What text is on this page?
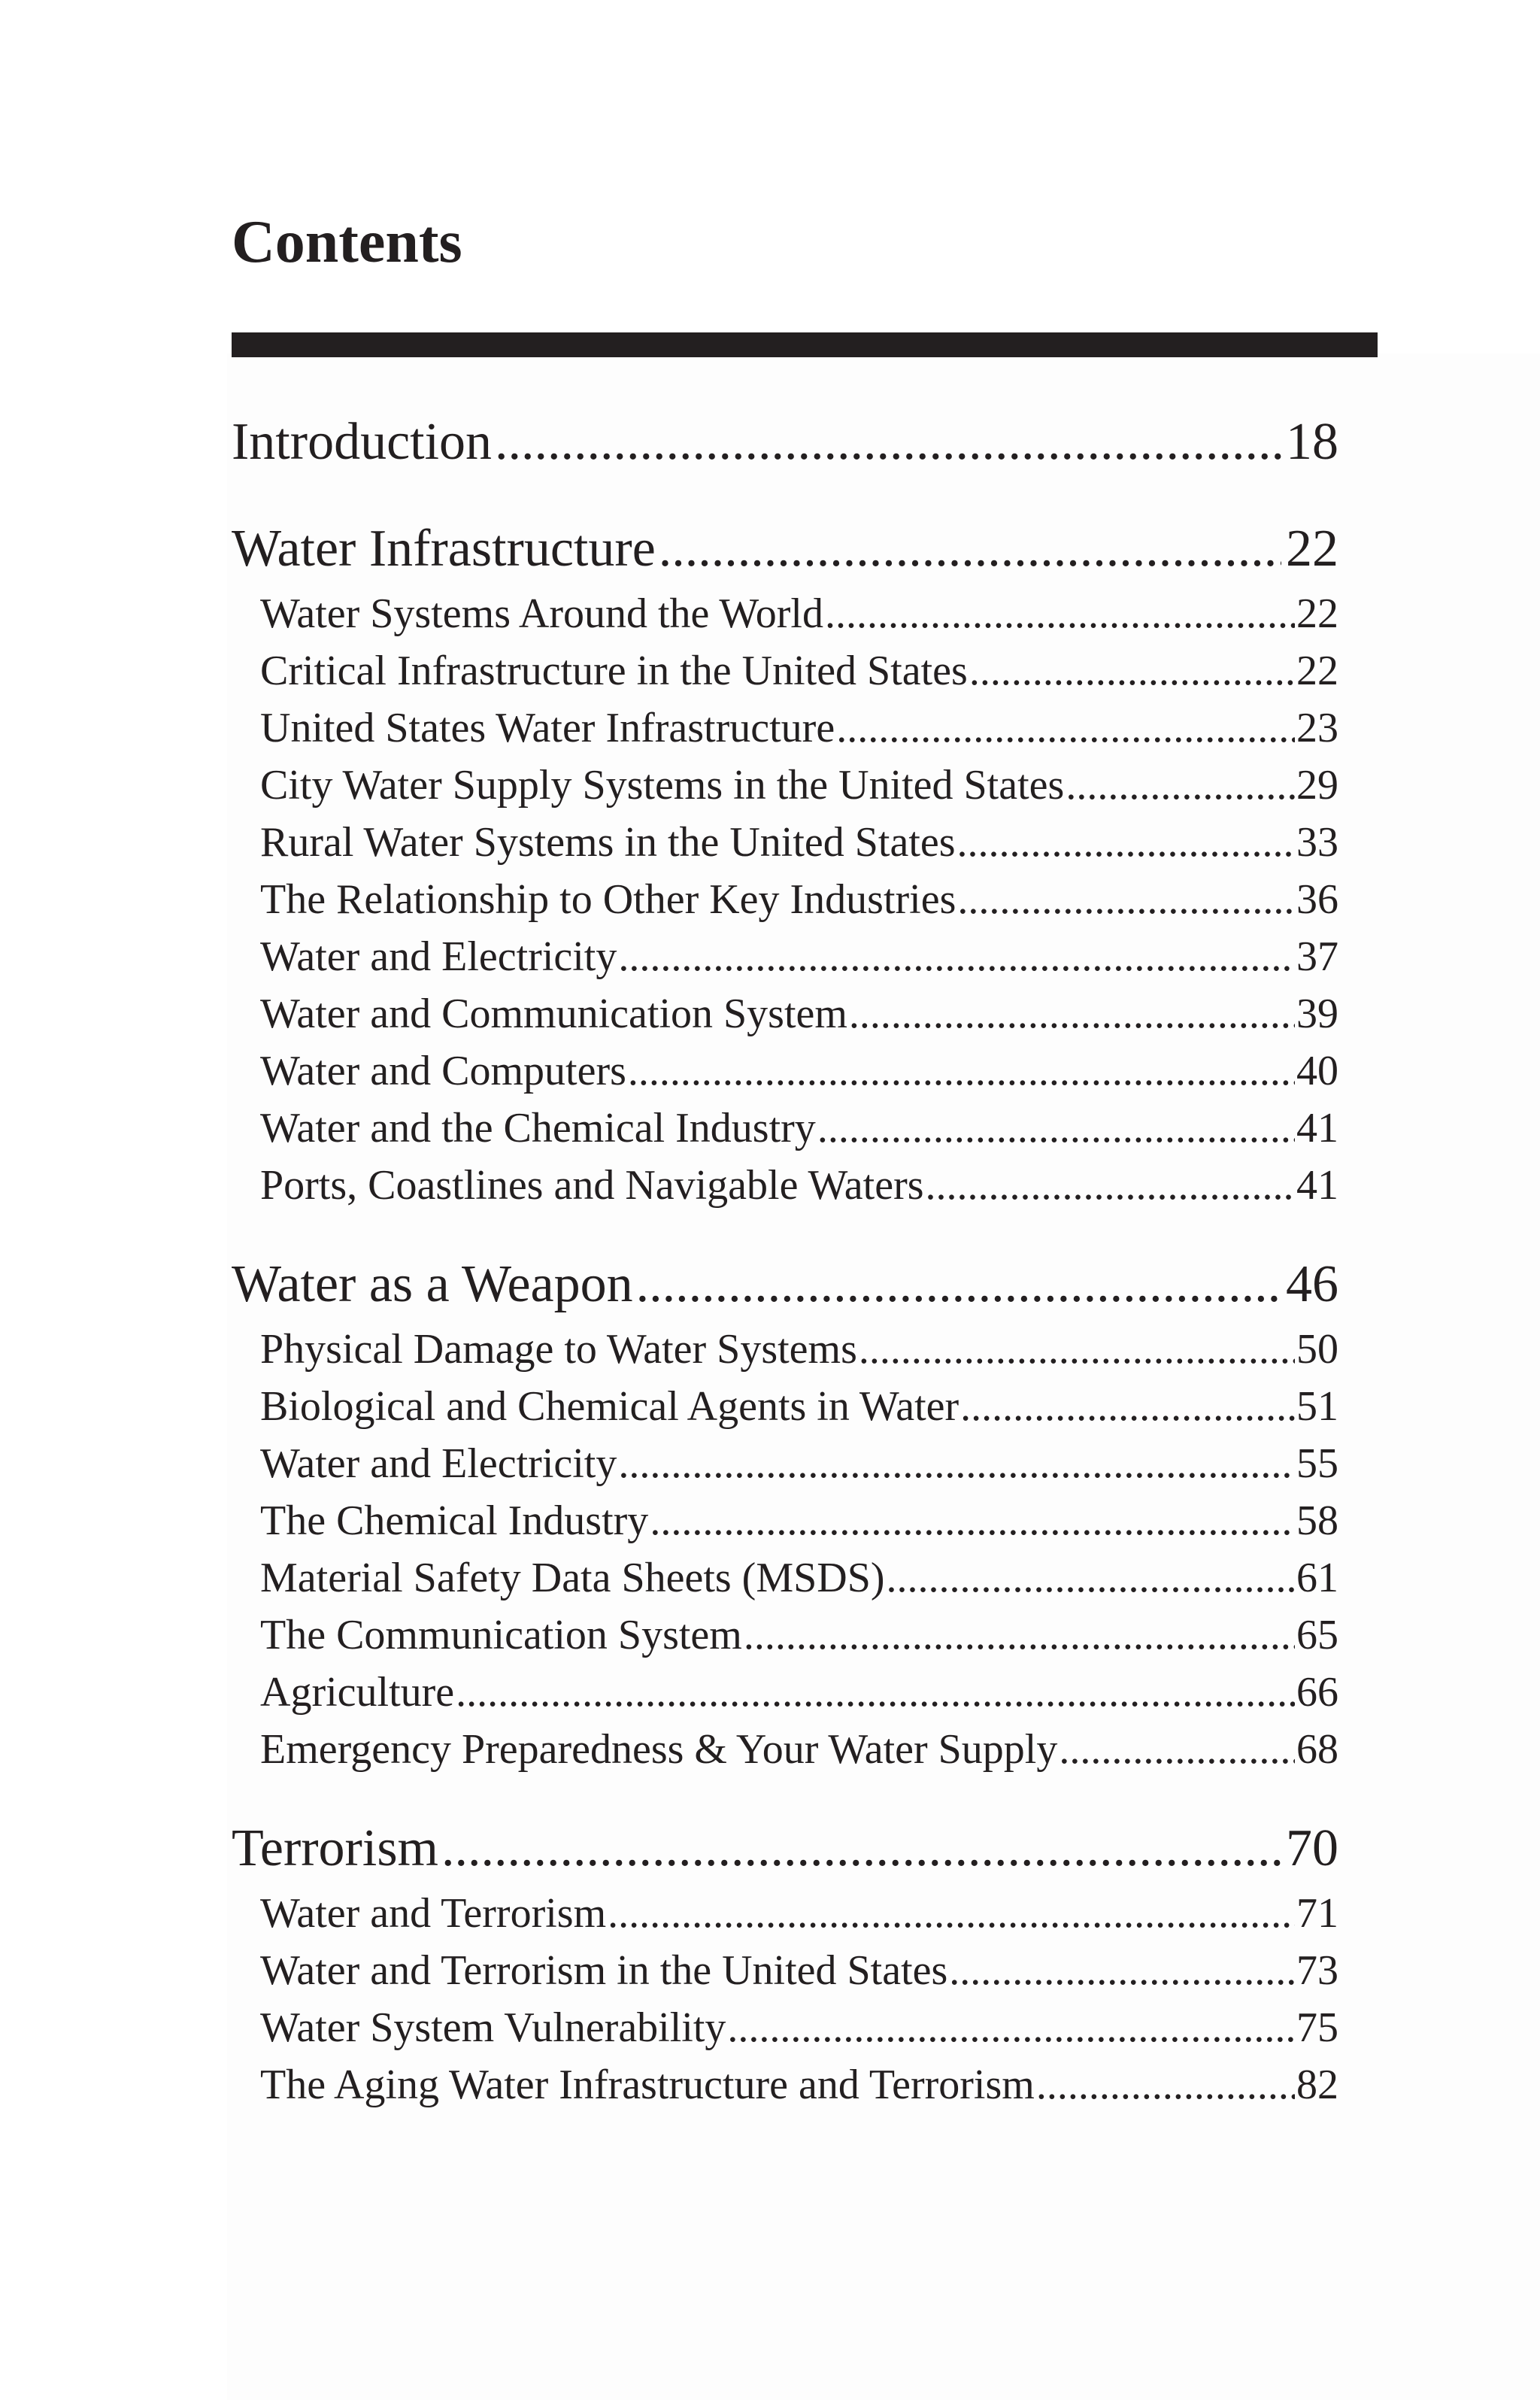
Contents
Introduction .....	18
Water Infrastructure .....	22
Water Systems Around the World .....	22
Critical Infrastructure in the United States .....	22
United States Water Infrastructure .....	23
City Water Supply Systems in the United States .....	29
Rural Water Systems in the United States .....	33
The Relationship to Other Key Industries .....	36
Water and Electricity .....	37
Water and Communication System .....	39
Water and Computers .....	40
Water and the Chemical Industry .....	41
Ports, Coastlines and Navigable Waters .....	41
Water as a Weapon .....	46
Physical Damage to Water Systems .....	50
Biological and Chemical Agents in Water .....	51
Water and Electricity .....	55
The Chemical Industry .....	58
Material Safety Data Sheets (MSDS) .....	61
The Communication System .....	65
Agriculture .....	66
Emergency Preparedness & Your Water Supply .....	68
Terrorism .....	70
Water and Terrorism .....	71
Water and Terrorism in the United States .....	73
Water System Vulnerability .....	75
The Aging Water Infrastructure and Terrorism .....	82
